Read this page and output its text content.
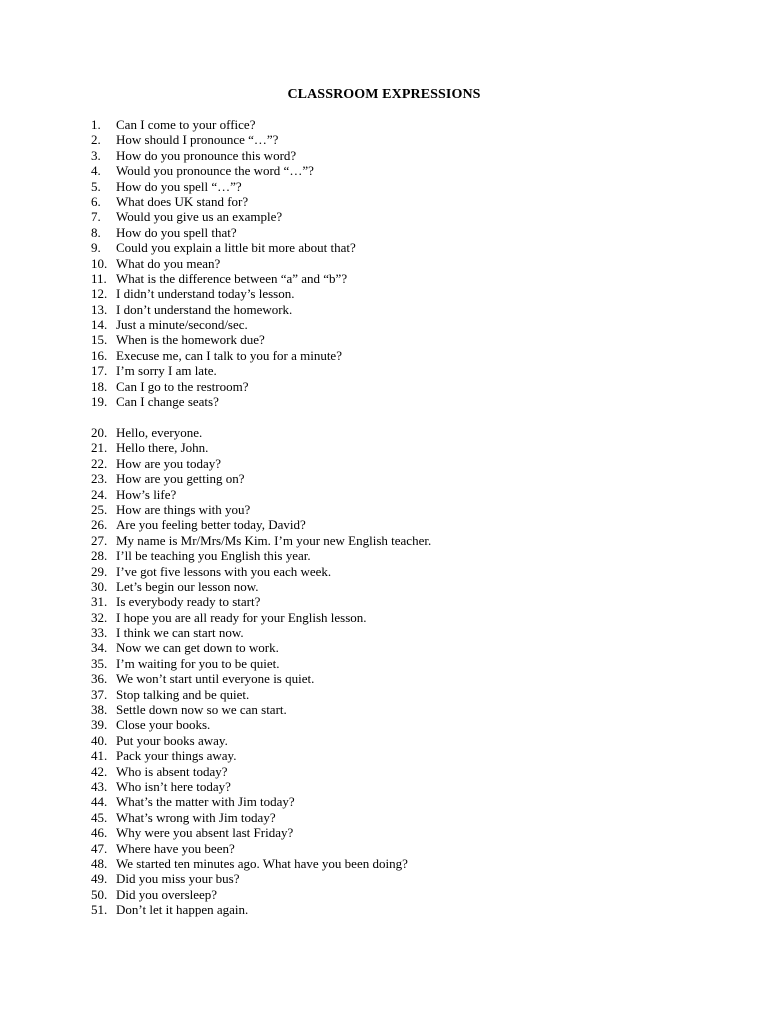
CLASSROOM EXPRESSIONS
1.	Can I come to your office?
2.	How should I pronounce “…”?
3.	How do you pronounce this word?
4.	Would you pronounce the word “…”?
5.	How do you spell “…”?
6.	What does UK stand for?
7.	Would you give us an example?
8.	How do you spell that?
9.	Could you explain a little bit more about that?
10. What do you mean?
11. What is the difference between “a” and “b”?
12. I didn’t understand today’s lesson.
13. I don’t understand the homework.
14. Just a minute/second/sec.
15. When is the homework due?
16. Execuse me, can I talk to you for a minute?
17. I’m sorry I am late.
18. Can I go to the restroom?
19. Can I change seats?
20. Hello, everyone.
21. Hello there, John.
22. How are you today?
23. How are you getting on?
24. How’s life?
25. How are things with you?
26. Are you feeling better today, David?
27. My name is Mr/Mrs/Ms Kim. I’m your new English teacher.
28. I’ll be teaching you English this year.
29. I’ve got five lessons with you each week.
30. Let’s begin our lesson now.
31. Is everybody ready to start?
32. I hope you are all ready for your English lesson.
33. I think we can start now.
34. Now we can get down to work.
35. I’m waiting for you to be quiet.
36. We won’t start until everyone is quiet.
37. Stop talking and be quiet.
38. Settle down now so we can start.
39. Close your books.
40. Put your books away.
41. Pack your things away.
42. Who is absent today?
43. Who isn’t here today?
44. What’s the matter with Jim today?
45. What’s wrong with Jim today?
46. Why were you absent last Friday?
47. Where have you been?
48. We started ten minutes ago. What have you been doing?
49. Did you miss your bus?
50. Did you oversleep?
51. Don’t let it happen again.
